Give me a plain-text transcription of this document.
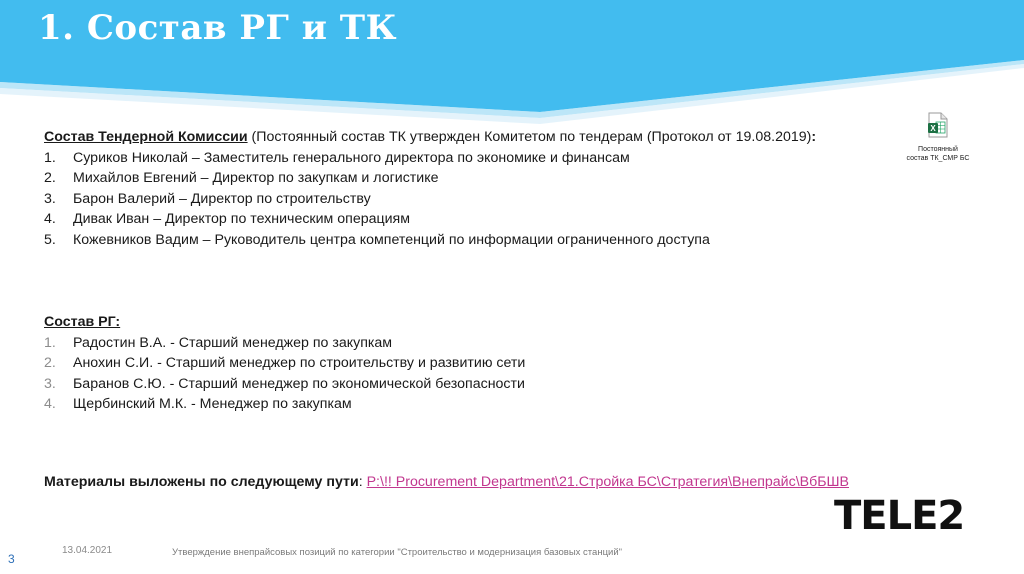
1. Состав РГ и ТК

Состав Тендерной Комиссии (Постоянный состав ТК утвержден Комитетом по тендерам (Протокол от 19.08.2019):

1.	Суриков Николай – Заместитель генерального директора по экономике и финансам
2.	Михайлов Евгений – Директор по закупкам и логистике
3.	Барон Валерий – Директор по строительству
4.	Дивак Иван – Директор по техническим операциям
5.	Кожевников Вадим – Руководитель центра компетенций по информации ограниченного доступа
X
Постоянный
состав ТК_СМР БС

Состав РГ:

1.	Радостин В.А. - Старший менеджер по закупкам
2.	Анохин С.И. - Старший менеджер по строительству и развитию сети
3.	Баранов С.Ю. - Старший менеджер по экономической безопасности
4.	Щербинский М.К. - Менеджер по закупкам
Материалы выложены по следующему пути: P:\!! Procurement Department\21.Стройка БС\Стратегия\Внепрайс\ВбБШВ
TELE2
13.04.2021	Утверждение внепрайсовых позиций по категории "Строительство и модернизация базовых станций"
3
